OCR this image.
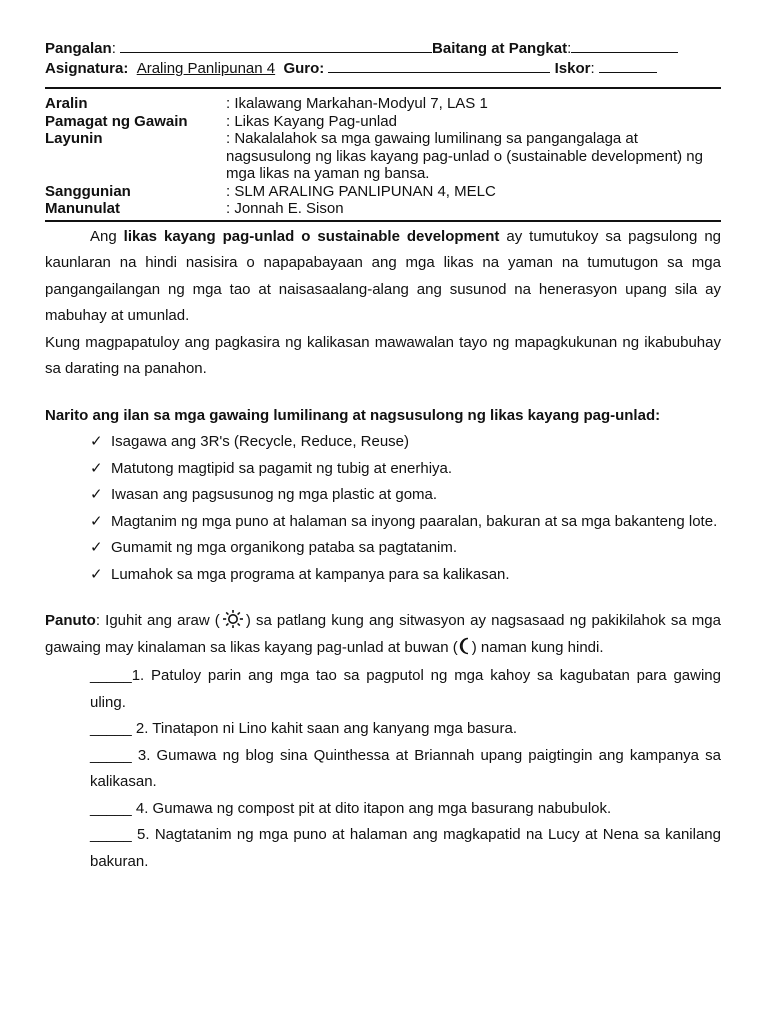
Pangalan:	Baitang at Pangkat:
Asignatura: Araling Panlipunan 4 Guro:	Iskor:
Aralin	: Ikalawang Markahan-Modyul 7, LAS 1
Pamagat ng Gawain	: Likas Kayang Pag-unlad
Layunin	: Nakalalahok sa mga gawaing lumilinang sa pangangalaga at nagsusulong ng likas kayang pag-unlad o (sustainable development) ng mga likas na yaman ng bansa.
Sanggunian	: SLM ARALING PANLIPUNAN 4, MELC
Manunulat	: Jonnah E. Sison

Ang likas kayang pag-unlad o sustainable development ay tumutukoy sa pagsulong ng kaunlaran na hindi nasisira o napapabayaan ang mga likas na yaman na tumutugon sa mga pangangailangan ng mga tao at naisasaalang-alang ang susunod na henerasyon upang sila ay mabuhay at umunlad.

Kung magpapatuloy ang pagkasira ng kalikasan mawawalan tayo ng mapagkukunan ng ikabubuhay sa darating na panahon.

Narito ang ilan sa mga gawaing lumilinang at nagsusulong ng likas kayang pag-unlad:

✓ Isagawa ang 3R's (Recycle, Reduce, Reuse)
✓ Matutong magtipid sa pagamit ng tubig at enerhiya.
✓ Iwasan ang pagsusunog ng mga plastic at goma.
✓ Magtanim ng mga puno at halaman sa inyong paaralan, bakuran at sa mga bakanteng lote.
✓ Gumamit ng mga organikong pataba sa pagtatanim.
✓ Lumahok sa mga programa at kampanya para sa kalikasan.

Panuto: Iguhit ang araw ( ) sa patlang kung ang sitwasyon ay nagsasaad ng pakikilahok sa mga gawaing may kinalaman sa likas kayang pag-unlad at buwan ( ) naman kung hindi.

_____1. Patuloy parin ang mga tao sa pagputol ng mga kahoy sa kagubatan para gawing uling.
_____ 2. Tinatapon ni Lino kahit saan ang kanyang mga basura.
_____ 3. Gumawa ng blog sina Quinthessa at Briannah upang paigtingin ang kampanya sa kalikasan.
_____ 4. Gumawa ng compost pit at dito itapon ang mga basurang nabubulok.
_____ 5. Nagtatanim ng mga puno at halaman ang magkapatid na Lucy at Nena sa kanilang bakuran.
